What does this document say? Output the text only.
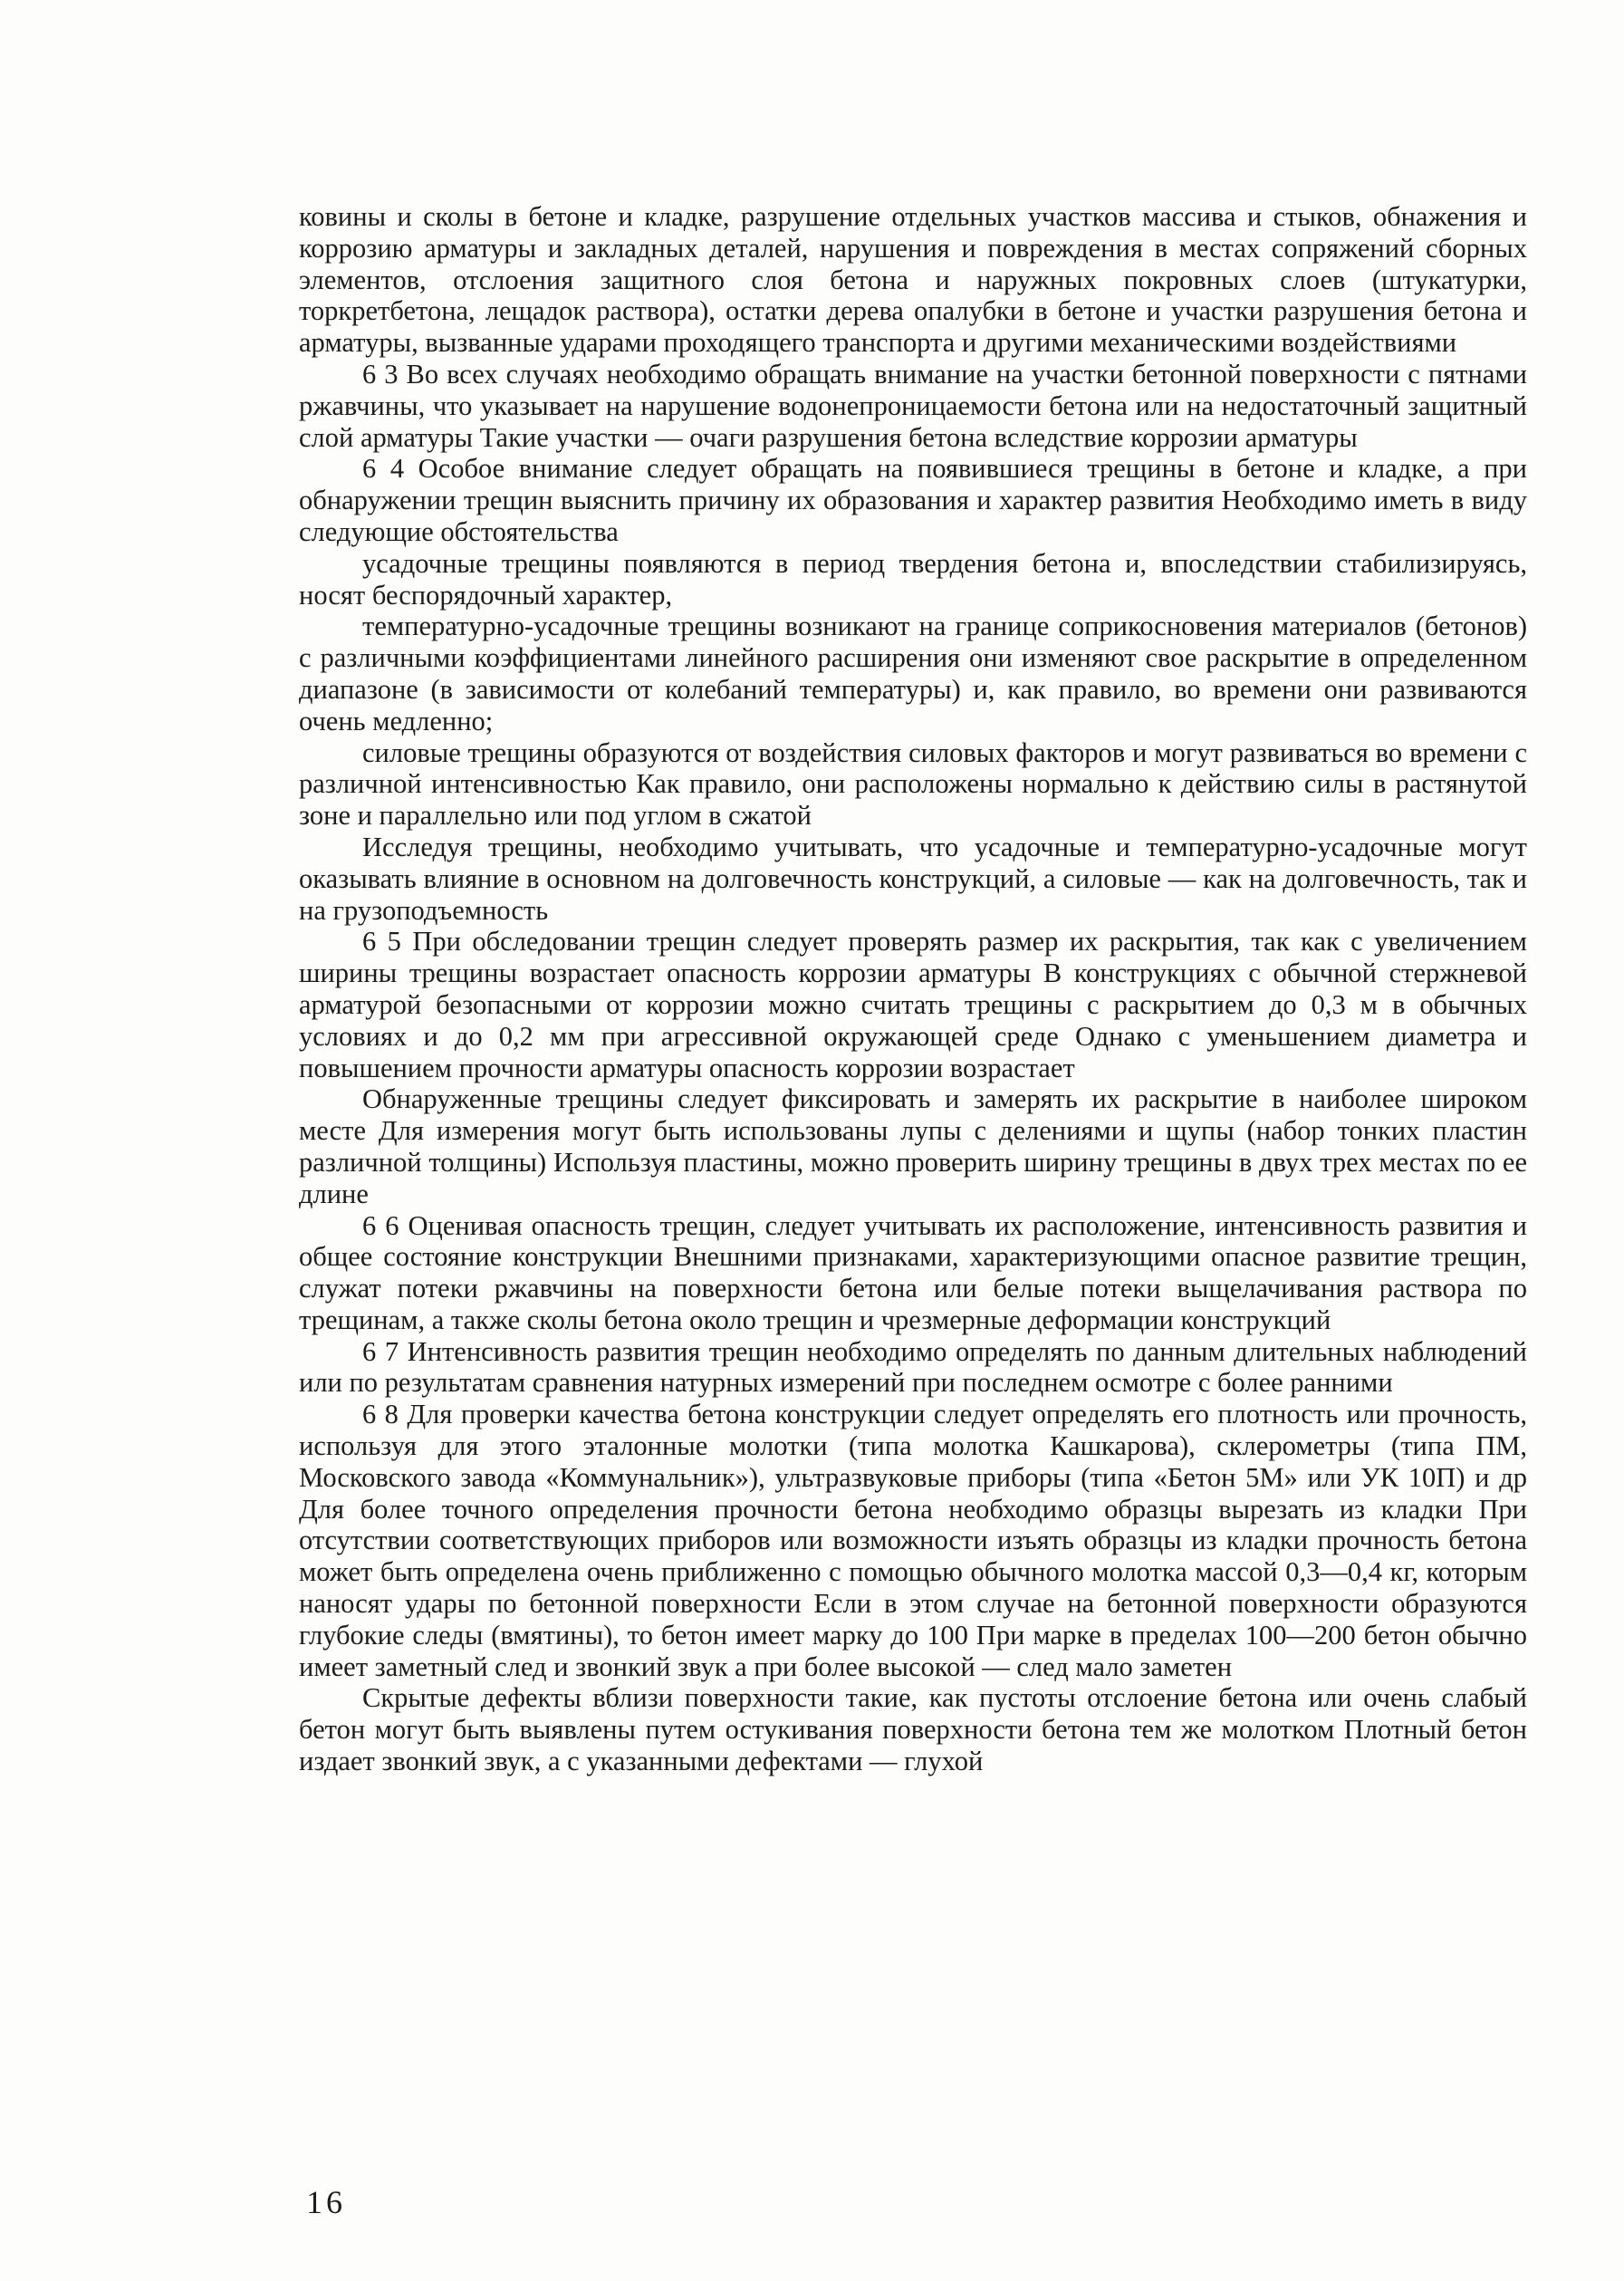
ковины и сколы в бетоне и кладке, разрушение отдельных участков массива и стыков, обнажения и коррозию арматуры и закладных деталей, нарушения и повреждения в местах сопряжений сборных элементов, отслоения защитного слоя бетона и наружных покровных слоев (штукатурки, торкретбетона, лещадок раствора), остатки дерева опалубки в бетоне и участки разрушения бетона и арматуры, вызванные ударами проходящего транспорта и другими механическими воздействиями

6 3 Во всех случаях необходимо обращать внимание на участки бетонной поверхности с пятнами ржавчины, что указывает на нарушение водонепроницаемости бетона или на недостаточный защитный слой арматуры Такие участки — очаги разрушения бетона вследствие коррозии арматуры

6 4 Особое внимание следует обращать на появившиеся трещины в бетоне и кладке, а при обнаружении трещин выяснить причину их образования и характер развития Необходимо иметь в виду следующие обстоятельства

усадочные трещины появляются в период твердения бетона и, впоследствии стабилизируясь, носят беспорядочный характер,

температурно-усадочные трещины возникают на границе соприкосновения материалов (бетонов) с различными коэффициентами линейного расширения они изменяют свое раскрытие в определенном диапазоне (в зависимости от колебаний температуры) и, как правило, во времени они развиваются очень медленно;

силовые трещины образуются от воздействия силовых факторов и могут развиваться во времени с различной интенсивностью Как правило, они расположены нормально к действию силы в растянутой зоне и параллельно или под углом в сжатой

Исследуя трещины, необходимо учитывать, что усадочные и температурно-усадочные могут оказывать влияние в основном на долговечность конструкций, а силовые — как на долговечность, так и на грузоподъемность

6 5 При обследовании трещин следует проверять размер их раскрытия, так как с увеличением ширины трещины возрастает опасность коррозии арматуры В конструкциях с обычной стержневой арматурой безопасными от коррозии можно считать трещины с раскрытием до 0,3 м в обычных условиях и до 0,2 мм при агрессивной окружающей среде Однако с уменьшением диаметра и повышением прочности арматуры опасность коррозии возрастает

Обнаруженные трещины следует фиксировать и замерять их раскрытие в наиболее широком месте Для измерения могут быть использованы лупы с делениями и щупы (набор тонких пластин различной толщины) Используя пластины, можно проверить ширину трещины в двух трех местах по ее длине

6 6 Оценивая опасность трещин, следует учитывать их расположение, интенсивность развития и общее состояние конструкции Внешними признаками, характеризующими опасное развитие трещин, служат потеки ржавчины на поверхности бетона или белые потеки выщелачивания раствора по трещинам, а также сколы бетона около трещин и чрезмерные деформации конструкций

6 7 Интенсивность развития трещин необходимо определять по данным длительных наблюдений или по результатам сравнения натурных измерений при последнем осмотре с более ранними

6 8 Для проверки качества бетона конструкции следует определять его плотность или прочность, используя для этого эталонные молотки (типа молотка Кашкарова), склерометры (типа ПМ, Московского завода «Коммунальник»), ультразвуковые приборы (типа «Бетон 5М» или УК 10П) и др Для более точного определения прочности бетона необходимо образцы вырезать из кладки При отсутствии соответствующих приборов или возможности изъять образцы из кладки прочность бетона может быть определена очень приближенно с помощью обычного молотка массой 0,3—0,4 кг, которым наносят удары по бетонной поверхности Если в этом случае на бетонной поверхности образуются глубокие следы (вмятины), то бетон имеет марку до 100 При марке в пределах 100—200 бетон обычно имеет заметный след и звонкий звук а при более высокой — след мало заметен

Скрытые дефекты вблизи поверхности такие, как пустоты отслоение бетона или очень слабый бетон могут быть выявлены путем остукивания поверхности бетона тем же молотком Плотный бетон издает звонкий звук, а с указанными дефектами — глухой

16
